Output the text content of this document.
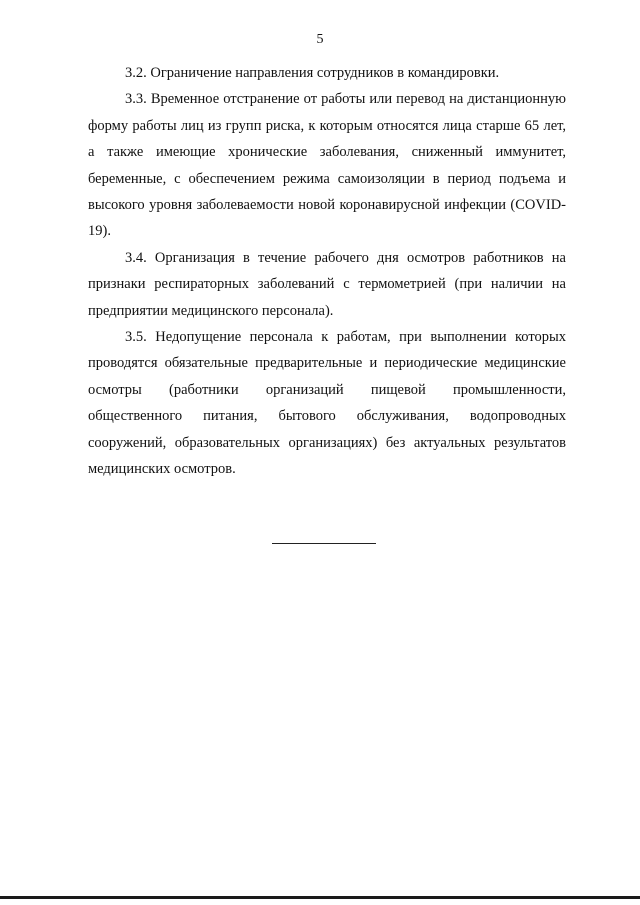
5

3.2. Ограничение направления сотрудников в командировки.

3.3. Временное отстранение от работы или перевод на дистанционную форму работы лиц из групп риска, к которым относятся лица старше 65 лет, а также имеющие хронические заболевания, сниженный иммунитет, беременные, с обеспечением режима самоизоляции в период подъема и высокого уровня заболеваемости новой коронавирусной инфекции (COVID- 19).

3.4. Организация в течение рабочего дня осмотров работников на признаки респираторных заболеваний с термометрией (при наличии на предприятии медицинского персонала).

3.5. Недопущение персонала к работам, при выполнении которых проводятся обязательные предварительные и периодические медицинские осмотры (работники организаций пищевой промышленности, общественного питания, бытового обслуживания, водопроводных сооружений, образовательных организациях) без актуальных результатов медицинских осмотров.
